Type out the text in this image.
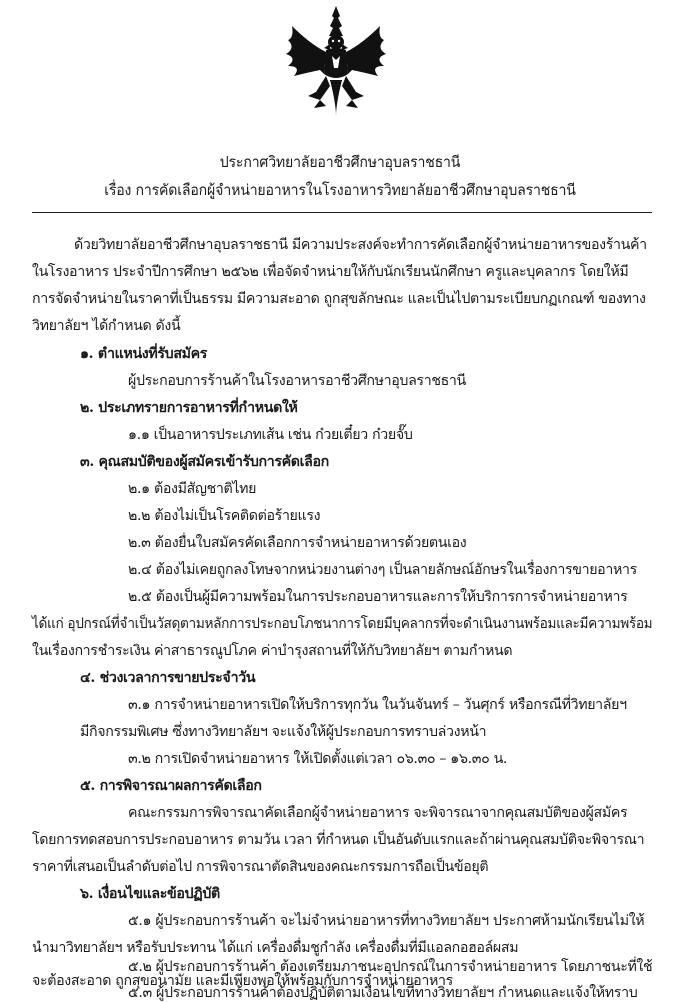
ประกาศวิทยาลัยอาชีวศึกษาอุบลราชธานี
เรื่อง การคัดเลือกผู้จำหน่ายอาหารในโรงอาหารวิทยาลัยอาชีวศึกษาอุบลราชธานี
ด้วยวิทยาลัยอาชีวศึกษาอุบลราชธานี มีความประสงค์จะทำการคัดเลือกผู้จำหน่ายอาหารของร้านค้า
ในโรงอาหาร ประจำปีการศึกษา ๒๕๖๒ เพื่อจัดจำหน่ายให้กับนักเรียนนักศึกษา ครูและบุคลากร โดยให้มี
การจัดจำหน่ายในราคาที่เป็นธรรม มีความสะอาด ถูกสุขลักษณะ และเป็นไปตามระเบียบกฏเกณฑ์ ของทาง
วิทยาลัยฯ ได้กำหนด ดังนี้
๑. ตำแหน่งที่รับสมัคร
ผู้ประกอบการร้านค้าในโรงอาหารอาชีวศึกษาอุบลราชธานี
๒. ประเภทรายการอาหารที่กำหนดให้
๑.๑ เป็นอาหารประเภทเส้น เช่น ก๋วยเตี๋ยว ก๋วยจั๊บ
๓. คุณสมบัติของผู้สมัครเข้ารับการคัดเลือก
๒.๑ ต้องมีสัญชาติไทย
๒.๒ ต้องไม่เป็นโรคติดต่อร้ายแรง
๒.๓ ต้องยื่นใบสมัครคัดเลือกการจำหน่ายอาหารด้วยตนเอง
๒.๔ ต้องไม่เคยถูกลงโทษจากหน่วยงานต่างๆ เป็นลายลักษณ์อักษรในเรื่องการขายอาหาร
๒.๕ ต้องเป็นผู้มีความพร้อมในการประกอบอาหารและการให้บริการการจำหน่ายอาหาร
ได้แก่ อุปกรณ์ที่จำเป็นวัสดุตามหลักการประกอบโภชนาการโดยมีบุคลากรที่จะดำเนินงานพร้อมและมีความพร้อม
ในเรื่องการชำระเงิน ค่าสาธารณูปโภค ค่าบำรุงสถานที่ให้กับวิทยาลัยฯ ตามกำหนด
๔. ช่วงเวลาการขายประจำวัน
๓.๑ การจำหน่ายอาหารเปิดให้บริการทุกวัน ในวันจันทร์ – วันศุกร์ หรือกรณีที่วิทยาลัยฯ
มีกิจกรรมพิเศษ ซึ่งทางวิทยาลัยฯ จะแจ้งให้ผู้ประกอบการทราบล่วงหน้า
๓.๒ การเปิดจำหน่ายอาหาร ให้เปิดตั้งแต่เวลา ๐๖.๓๐ – ๑๖.๓๐ น.
๕. การพิจารณาผลการคัดเลือก
คณะกรรมการพิจารณาคัดเลือกผู้จำหน่ายอาหาร จะพิจารณาจากคุณสมบัติของผู้สมัคร
โดยการทดสอบการประกอบอาหาร ตามวัน เวลา ที่กำหนด เป็นอันดับแรกและถ้าผ่านคุณสมบัติจะพิจารณา
ราคาที่เสนอเป็นลำดับต่อไป การพิจารณาตัดสินของคณะกรรมการถือเป็นข้อยุติ
๖. เงื่อนไขและข้อปฏิบัติ
๕.๑ ผู้ประกอบการร้านค้า จะไม่จำหน่ายอาหารที่ทางวิทยาลัยฯ ประกาศห้ามนักเรียนไม่ให้
นำมาวิทยาลัยฯ หรือรับประทาน ได้แก่ เครื่องดื่มชูกำลัง เครื่องดื่มที่มีแอลกอฮอล์ผสม
๕.๒ ผู้ประกอบการร้านค้า ต้องเตรียมภาชนะอุปกรณ์ในการจำหน่ายอาหาร โดยภาชนะที่ใช้
จะต้องสะอาด ถูกสุขอนามัย และมีเพียงพอให้พร้อมกับการจำหน่ายอาหาร
๕.๓ ผู้ประกอบการร้านค้าต้องปฏิบัติตามเงื่อนไขที่ทางวิทยาลัยฯ กำหนดและแจ้งให้ทราบ
